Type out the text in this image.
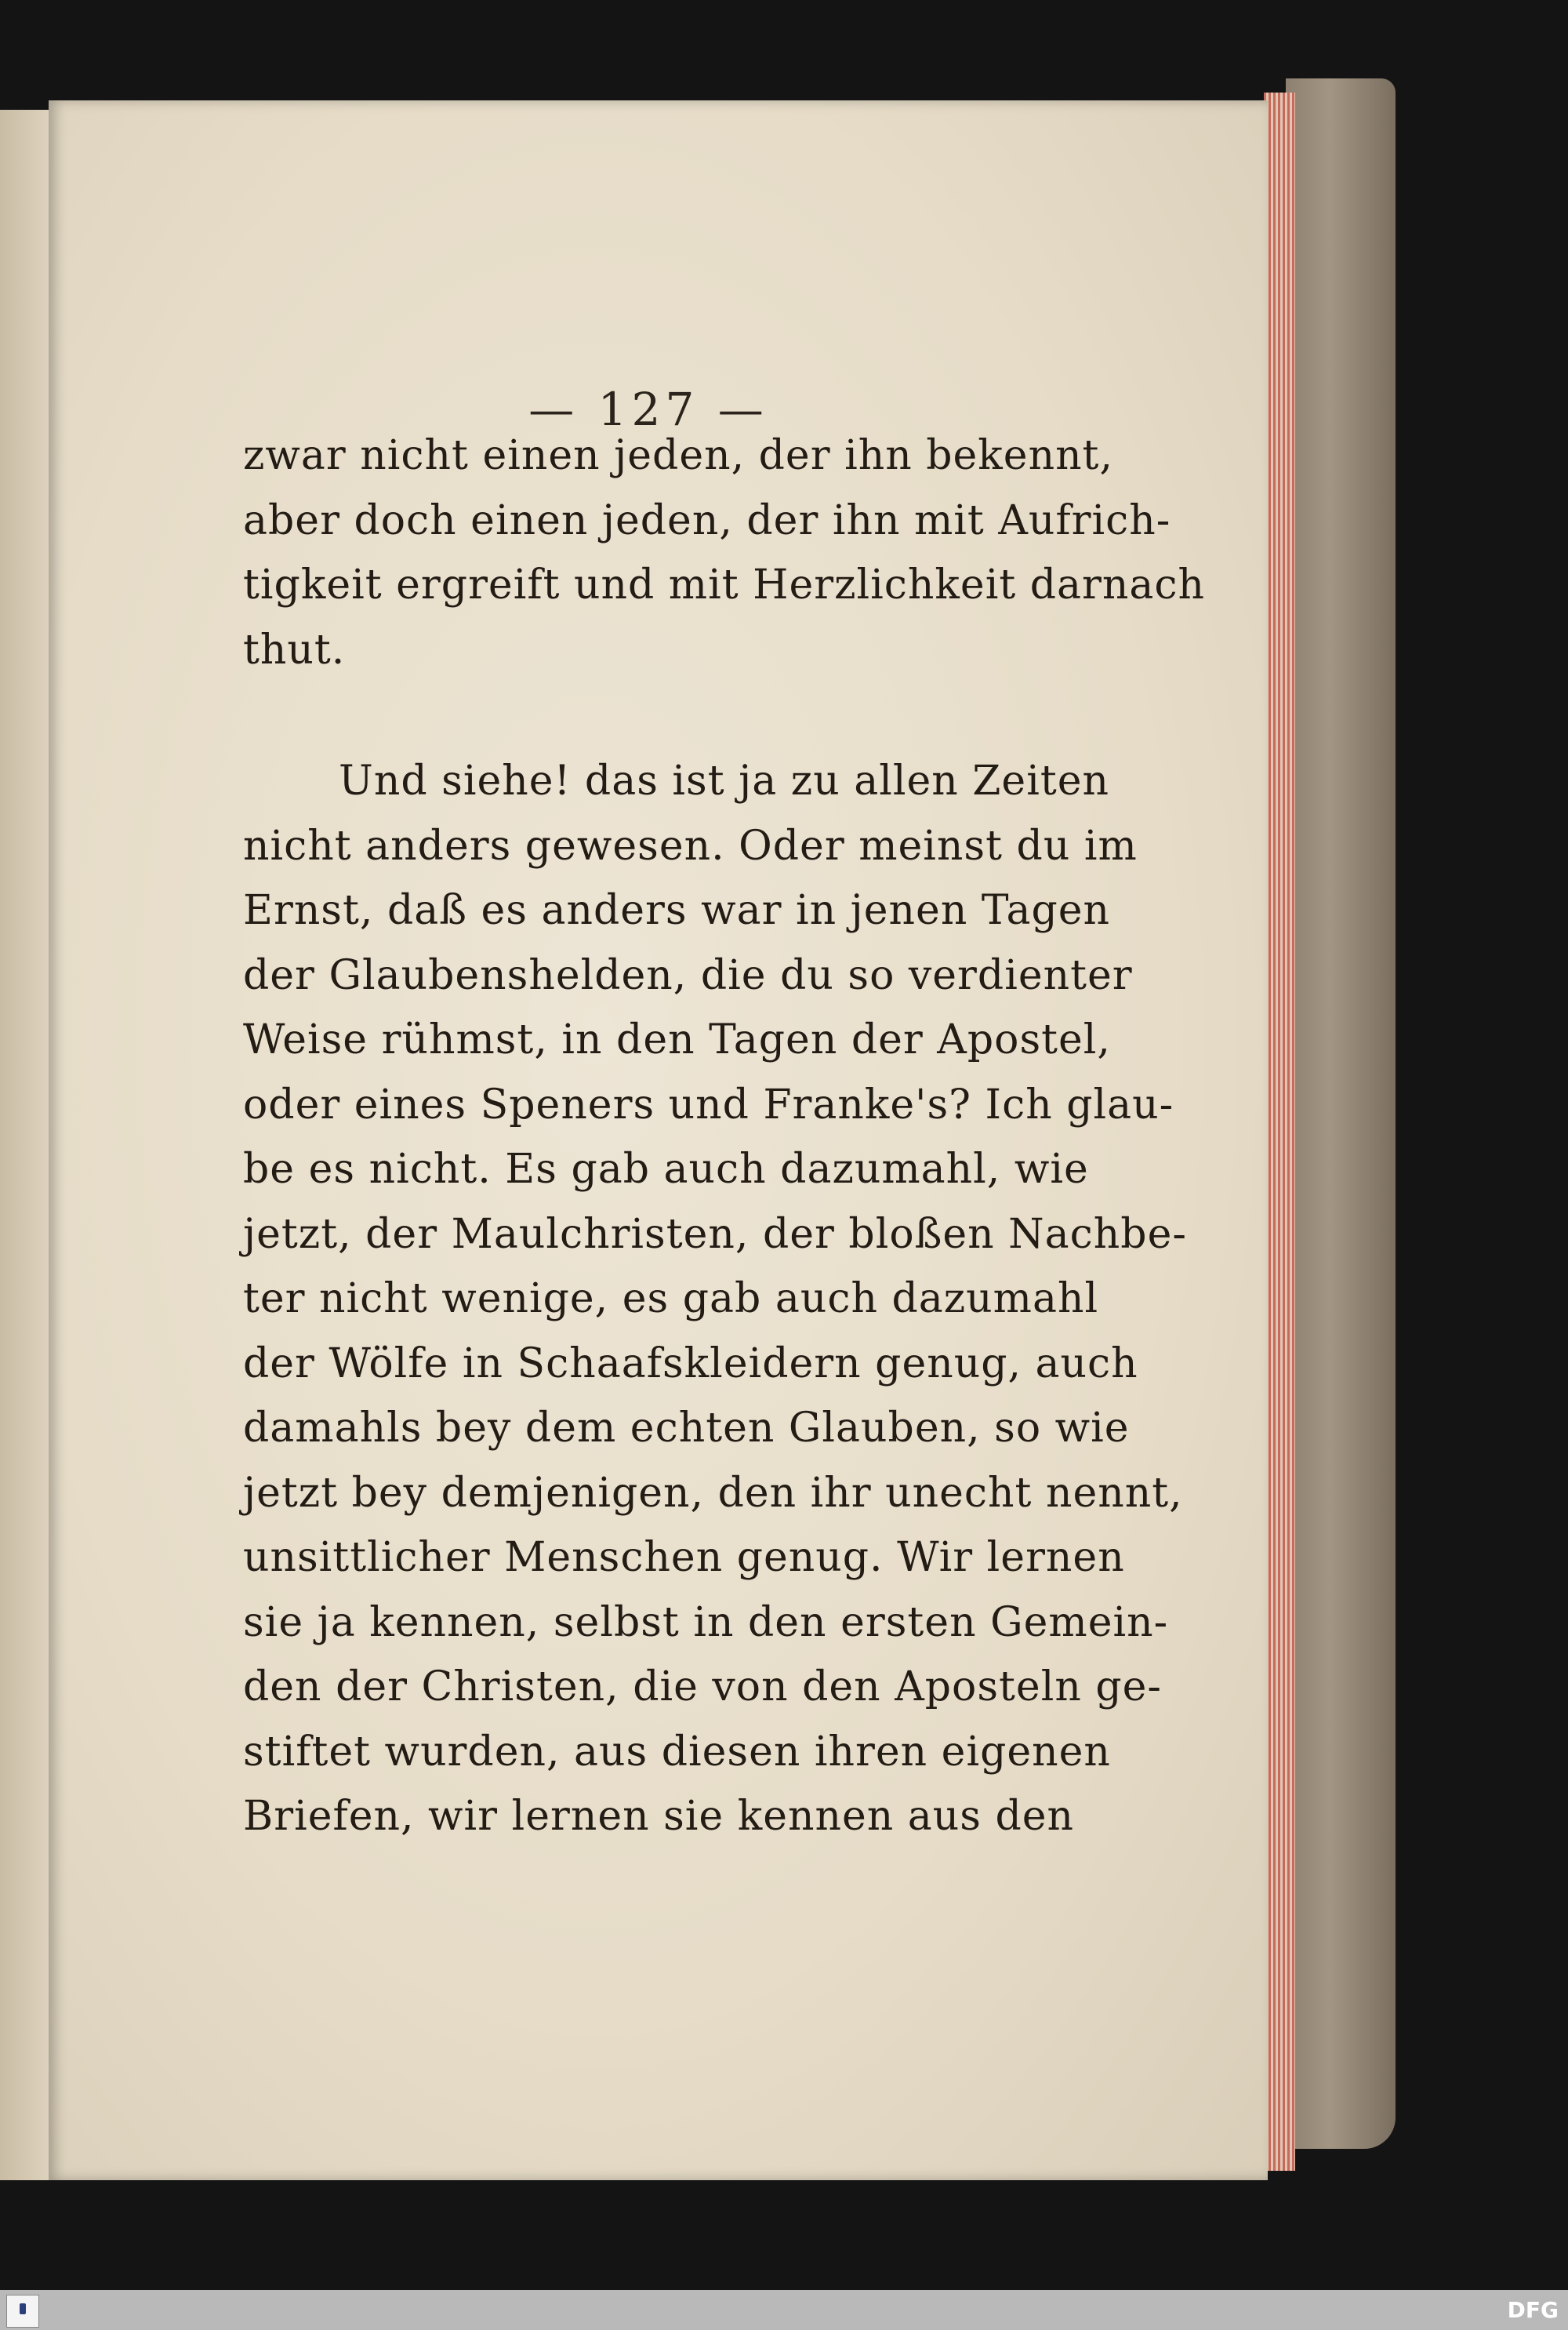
— 127 —
zwar nicht einen jeden, der ihn bekennt,
aber doch einen jeden, der ihn mit Aufrich-
tigkeit ergreift und mit Herzlichkeit darnach
thut.
Und siehe! das ist ja zu allen Zeiten
nicht anders gewesen. Oder meinst du im
Ernst, daß es anders war in jenen Tagen
der Glaubenshelden, die du so verdienter
Weise rühmst, in den Tagen der Apostel,
oder eines Speners und Franke's? Ich glau-
be es nicht. Es gab auch dazumahl, wie
jetzt, der Maulchristen, der bloßen Nachbe-
ter nicht wenige, es gab auch dazumahl
der Wölfe in Schaafskleidern genug, auch
damahls bey dem echten Glauben, so wie
jetzt bey demjenigen, den ihr unecht nennt,
unsittlicher Menschen genug. Wir lernen
sie ja kennen, selbst in den ersten Gemein-
den der Christen, die von den Aposteln ge-
stiftet wurden, aus diesen ihren eigenen
Briefen, wir lernen sie kennen aus den
DFG
